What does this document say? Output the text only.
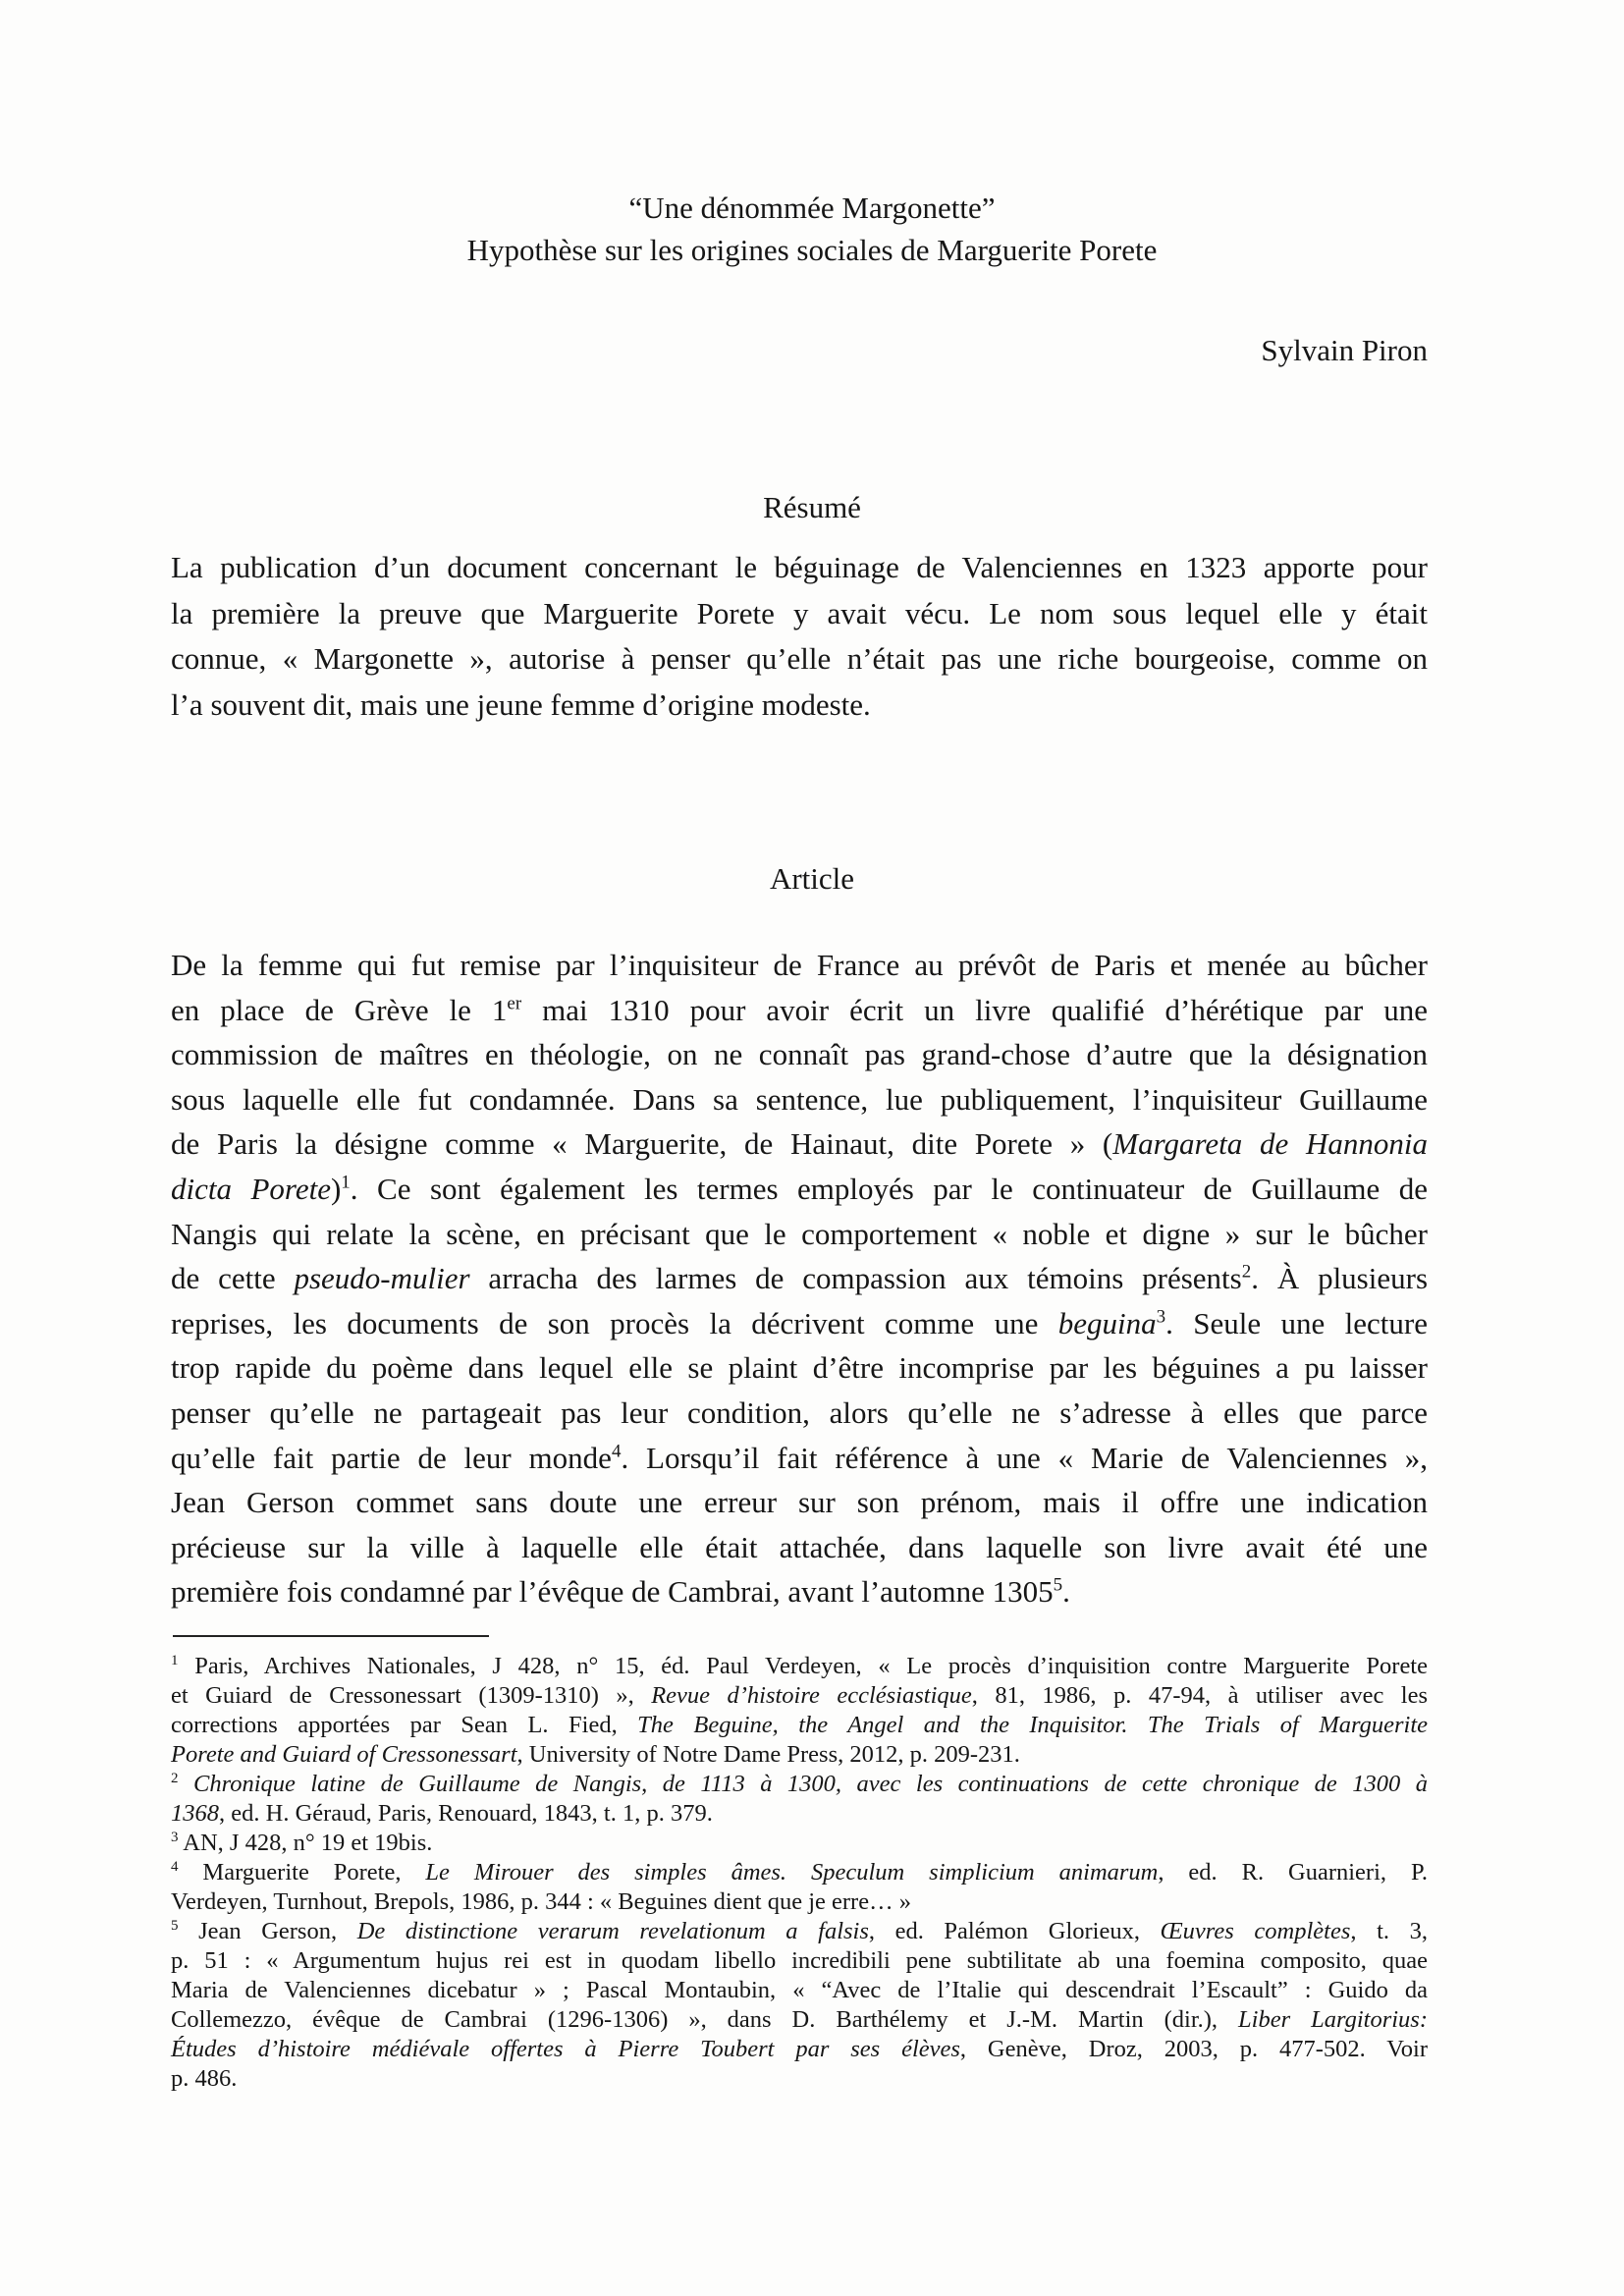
“Une dénommée Margonette”
Hypothèse sur les origines sociales de Marguerite Porete
Sylvain Piron
Résumé
La publication d’un document concernant le béguinage de Valenciennes en 1323 apporte pour
la première la preuve que Marguerite Porete y avait vécu. Le nom sous lequel elle y était
connue, « Margonette », autorise à penser qu’elle n’était pas une riche bourgeoise, comme on
l’a souvent dit, mais une jeune femme d’origine modeste.
Article
De la femme qui fut remise par l’inquisiteur de France au prévôt de Paris et menée au bûcher
en place de Grève le 1er mai 1310 pour avoir écrit un livre qualifié d’hérétique par une
commission de maîtres en théologie, on ne connaît pas grand-chose d’autre que la désignation
sous laquelle elle fut condamnée. Dans sa sentence, lue publiquement, l’inquisiteur Guillaume
de Paris la désigne comme « Marguerite, de Hainaut, dite Porete » (Margareta de Hannonia
dicta Porete)$^1$. Ce sont également les termes employés par le continuateur de Guillaume de
Nangis qui relate la scène, en précisant que le comportement « noble et digne » sur le bûcher
de cette pseudo-mulier arracha des larmes de compassion aux témoins présents$^2$. À plusieurs
reprises, les documents de son procès la décrivent comme une beguina$^3$. Seule une lecture
trop rapide du poème dans lequel elle se plaint d’être incomprise par les béguines a pu laisser
penser qu’elle ne partageait pas leur condition, alors qu’elle ne s’adresse à elles que parce
qu’elle fait partie de leur monde$^4$. Lorsqu’il fait référence à une « Marie de Valenciennes »,
Jean Gerson commet sans doute une erreur sur son prénom, mais il offre une indication
précieuse sur la ville à laquelle elle était attachée, dans laquelle son livre avait été une
première fois condamné par l’évêque de Cambrai, avant l’automne 1305$^5$.
$^1$ Paris, Archives Nationales, J 428, n° 15, éd. Paul Verdeyen, « Le procès d’inquisition contre Marguerite Porete
et Guiard de Cressonessart (1309-1310) », Revue d’histoire ecclésiastique, 81, 1986, p. 47-94, à utiliser avec les
corrections apportées par Sean L. Fied, The Beguine, the Angel and the Inquisitor. The Trials of Marguerite
Porete and Guiard of Cressonessart, University of Notre Dame Press, 2012, p. 209-231.
$^2$ Chronique latine de Guillaume de Nangis, de 1113 à 1300, avec les continuations de cette chronique de 1300 à
1368, ed. H. Géraud, Paris, Renouard, 1843, t. 1, p. 379.
$^3$ AN, J 428, n° 19 et 19bis.
$^4$ Marguerite Porete, Le Mirouer des simples âmes. Speculum simplicium animarum, ed. R. Guarnieri, P.
Verdeyen, Turnhout, Brepols, 1986, p. 344 : « Beguines dient que je erre… »
$^5$ Jean Gerson, De distinctione verarum revelationum a falsis, ed. Palémon Glorieux, Œuvres complètes, t. 3,
p. 51 : « Argumentum hujus rei est in quodam libello incredibili pene subtilitate ab una foemina composito, quae
Maria de Valenciennes dicebatur » ; Pascal Montaubin, « “Avec de l’Italie qui descendrait l’Escault” : Guido da
Collemezzo, évêque de Cambrai (1296-1306) », dans D. Barthélemy et J.-M. Martin (dir.), Liber Largitorius:
Études d’histoire médiévale offertes à Pierre Toubert par ses élèves, Genève, Droz, 2003, p. 477-502. Voir
p. 486.
